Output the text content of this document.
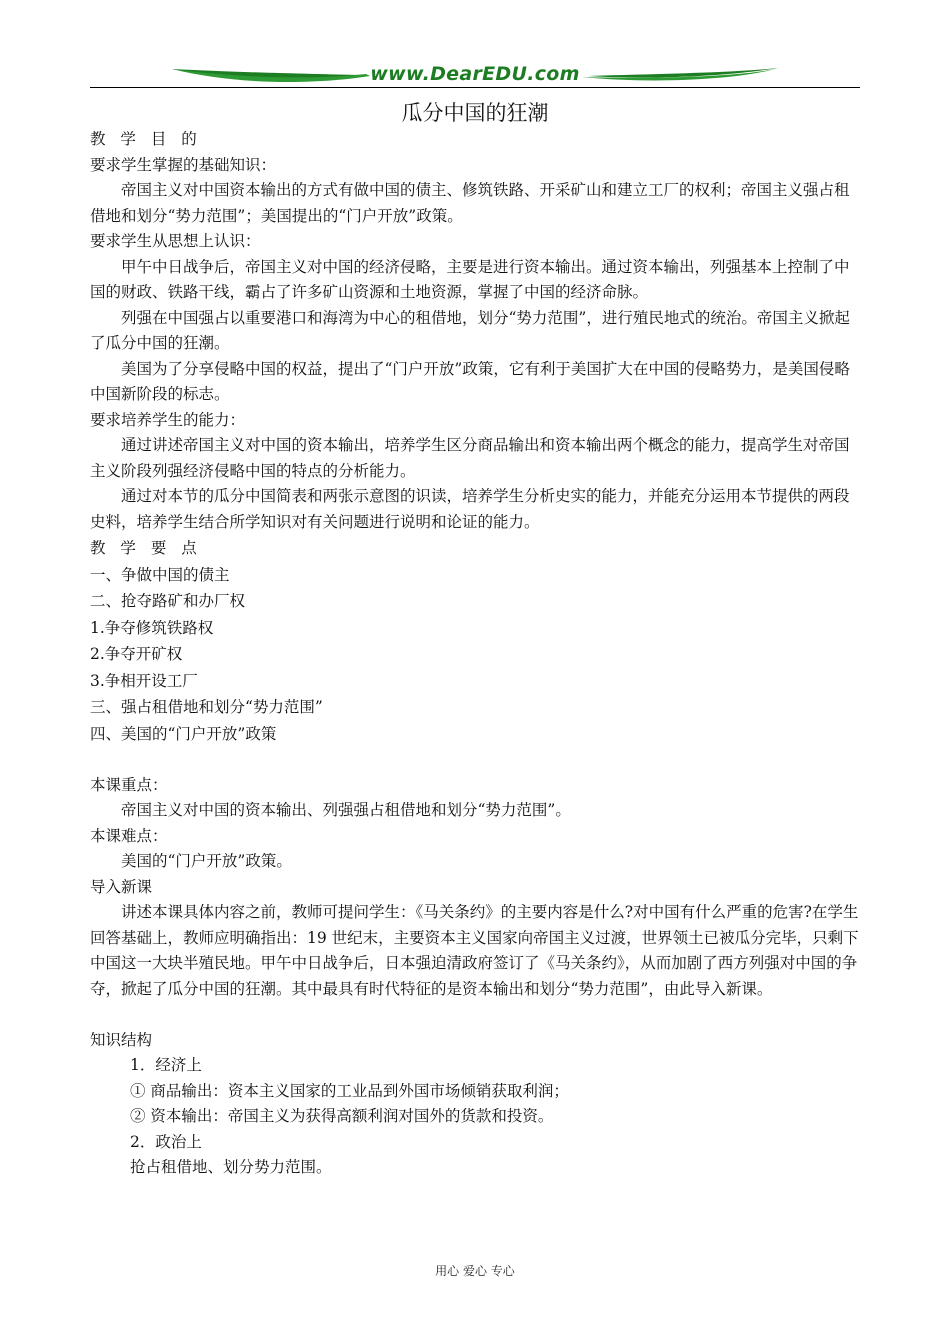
www.DearEDU.com
瓜分中国的狂潮

教 学 目 的

要求学生掌握的基础知识：

帝国主义对中国资本输出的方式有做中国的债主、修筑铁路、开采矿山和建立工厂的权利；帝国主义强占租借地和划分“势力范围”；美国提出的“门户开放”政策。

要求学生从思想上认识：

甲午中日战争后，帝国主义对中国的经济侵略，主要是进行资本输出。通过资本输出，列强基本上控制了中国的财政、铁路干线，霸占了许多矿山资源和土地资源，掌握了中国的经济命脉。

列强在中国强占以重要港口和海湾为中心的租借地，划分“势力范围”，进行殖民地式的统治。帝国主义掀起了瓜分中国的狂潮。

美国为了分享侵略中国的权益，提出了“门户开放”政策，它有利于美国扩大在中国的侵略势力，是美国侵略中国新阶段的标志。

要求培养学生的能力：

通过讲述帝国主义对中国的资本输出，培养学生区分商品输出和资本输出两个概念的能力，提高学生对帝国主义阶段列强经济侵略中国的特点的分析能力。

通过对本节的瓜分中国简表和两张示意图的识读，培养学生分析史实的能力，并能充分运用本节提供的两段史料，培养学生结合所学知识对有关问题进行说明和论证的能力。

教 学 要 点

一、争做中国的债主

二、抢夺路矿和办厂权

1.争夺修筑铁路权

2.争夺开矿权

3.争相开设工厂

三、强占租借地和划分“势力范围”

四、美国的“门户开放”政策

本课重点：

帝国主义对中国的资本输出、列强强占租借地和划分“势力范围”。

本课难点：

美国的“门户开放”政策。

导入新课

讲述本课具体内容之前，教师可提问学生：《马关条约》的主要内容是什么?对中国有什么严重的危害?在学生回答基础上，教师应明确指出：19 世纪末，主要资本主义国家向帝国主义过渡，世界领土已被瓜分完毕，只剩下中国这一大块半殖民地。甲午中日战争后，日本强迫清政府签订了《马关条约》，从而加剧了西方列强对中国的争夺，掀起了瓜分中国的狂潮。其中最具有时代特征的是资本输出和划分“势力范围”，由此导入新课。

知识结构

1．经济上

① 商品输出：资本主义国家的工业品到外国市场倾销获取利润；

② 资本输出：帝国主义为获得高额利润对国外的货款和投资。

2．政治上

抢占租借地、划分势力范围。

用心 爱心 专心
